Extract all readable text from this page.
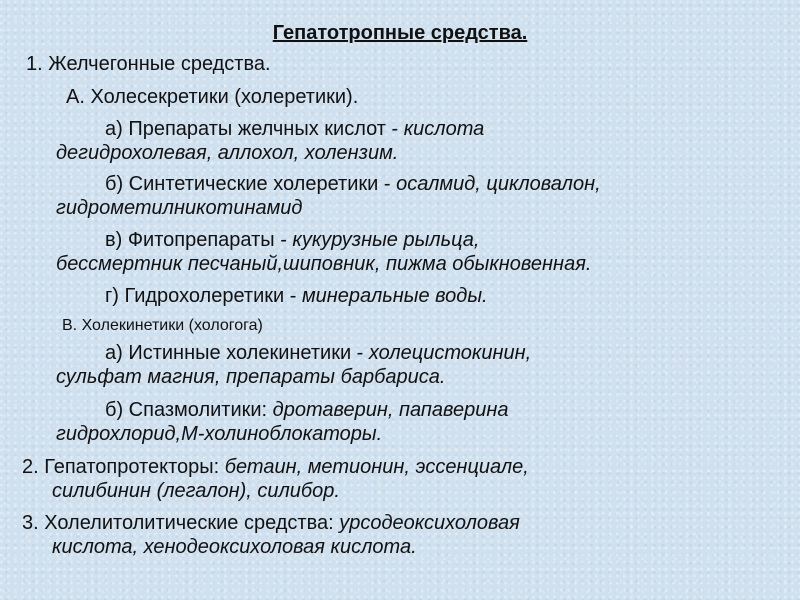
Гепатотропные средства.
1. Желчегонные средства.
А. Холесекретики (холеретики).
а) Препараты желчных кислот - кислота
дегидрохолевая, аллохол, холензим.
б) Синтетические холеретики - осалмид, цикловалон,
гидрометилникотинамид
в) Фитопрепараты - кукурузные рыльца,
бессмертник песчаный,шиповник, пижма обыкновенная.
г) Гидрохолеретики - минеральные воды.
В. Холекинетики (хологога)
а) Истинные холекинетики - холецистокинин,
сульфат магния, препараты барбариса.
б) Спазмолитики: дротаверин, папаверина
гидрохлорид,М-холиноблокаторы.
2. Гепатопротекторы: бетаин, метионин, эссенциале,
силибинин (легалон), силибор.
3. Холелитолитические средства: урсодеоксихоловая
кислота, хенодеоксихоловая кислота.
